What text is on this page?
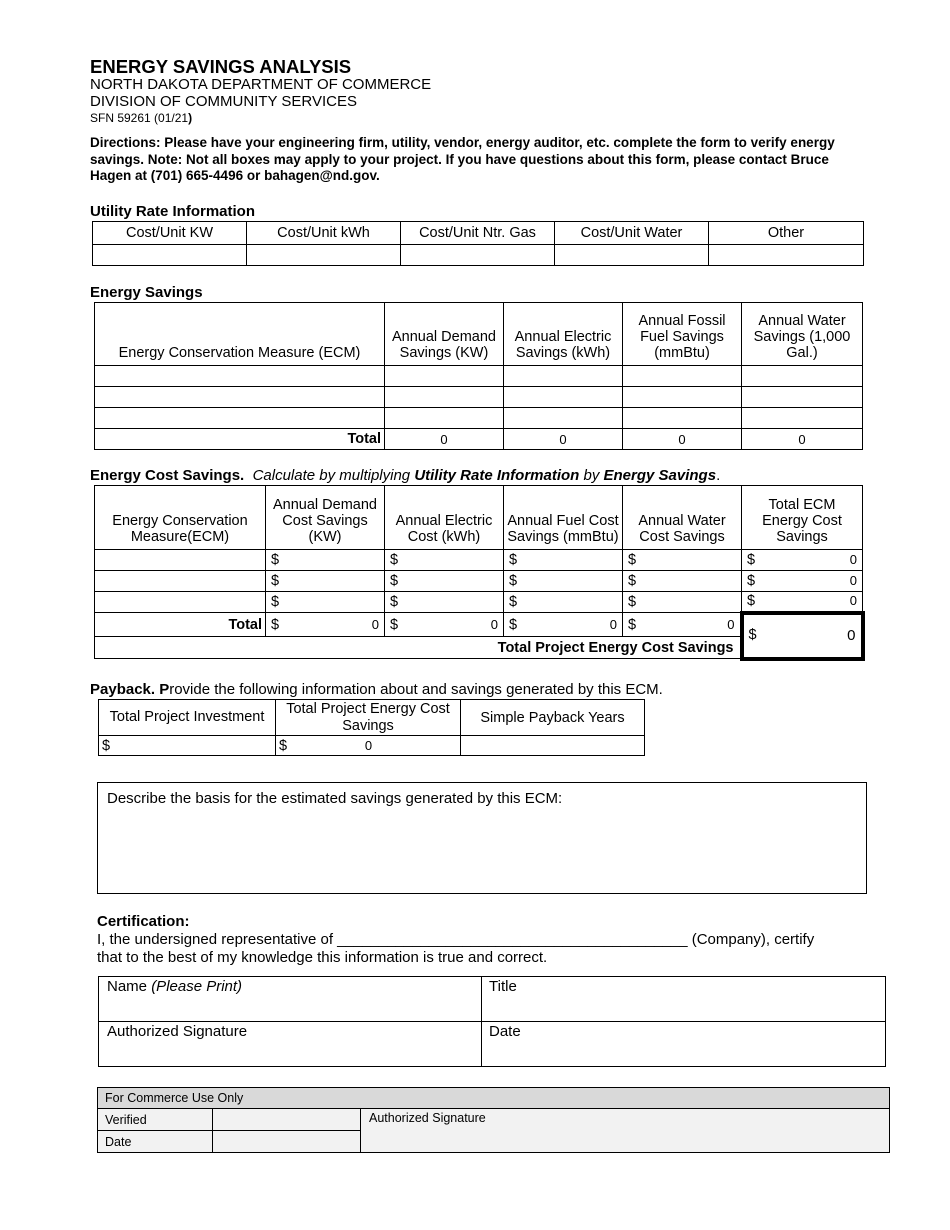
ENERGY SAVINGS ANALYSIS
NORTH DAKOTA DEPARTMENT OF COMMERCE
DIVISION OF COMMUNITY SERVICES
SFN 59261 (01/21)
Directions: Please have your engineering firm, utility, vendor, energy auditor, etc. complete the form to verify energy savings. Note: Not all boxes may apply to your project. If you have questions about this form, please contact Bruce Hagen at (701) 665-4496 or bahagen@nd.gov.
Utility Rate Information
Cost/Unit KW	Cost/Unit kWh	Cost/Unit Ntr. Gas	Cost/Unit Water	Other

Energy Savings
Energy Conservation Measure (ECM)	Annual Demand Savings (KW)	Annual Electric Savings (kWh)	Annual Fossil Fuel Savings (mmBtu)	Annual Water Savings (1,000 Gal.)

Total	0	0	0	0
Energy Cost Savings. Calculate by multiplying Utility Rate Information by Energy Savings.
Energy Conservation Measure(ECM)	Annual Demand Cost Savings (KW)	Annual Electric Cost (kWh)	Annual Fuel Cost Savings (mmBtu)	Annual Water Cost Savings	Total ECM Energy Cost Savings

	$	$	$	$	$ 0

	$	$	$	$	$ 0

	$	$	$	$	$ 0

Total	$ 0	$ 0	$ 0	$ 0	$ 0

Total Project Energy Cost Savings					
Payback. Provide the following information about and savings generated by this ECM.
Total Project Investment	Total Project Energy Cost Savings	Simple Payback Years
$	$ 0	
Describe the basis for the estimated savings generated by this ECM:
Certification:
I, the undersigned representative of __________________________________________ (Company), certify
that to the best of my knowledge this information is true and correct.
Name (Please Print)	Title
Authorized Signature	Date
For Commerce Use Only		
Verified		Authorized Signature
Date		
